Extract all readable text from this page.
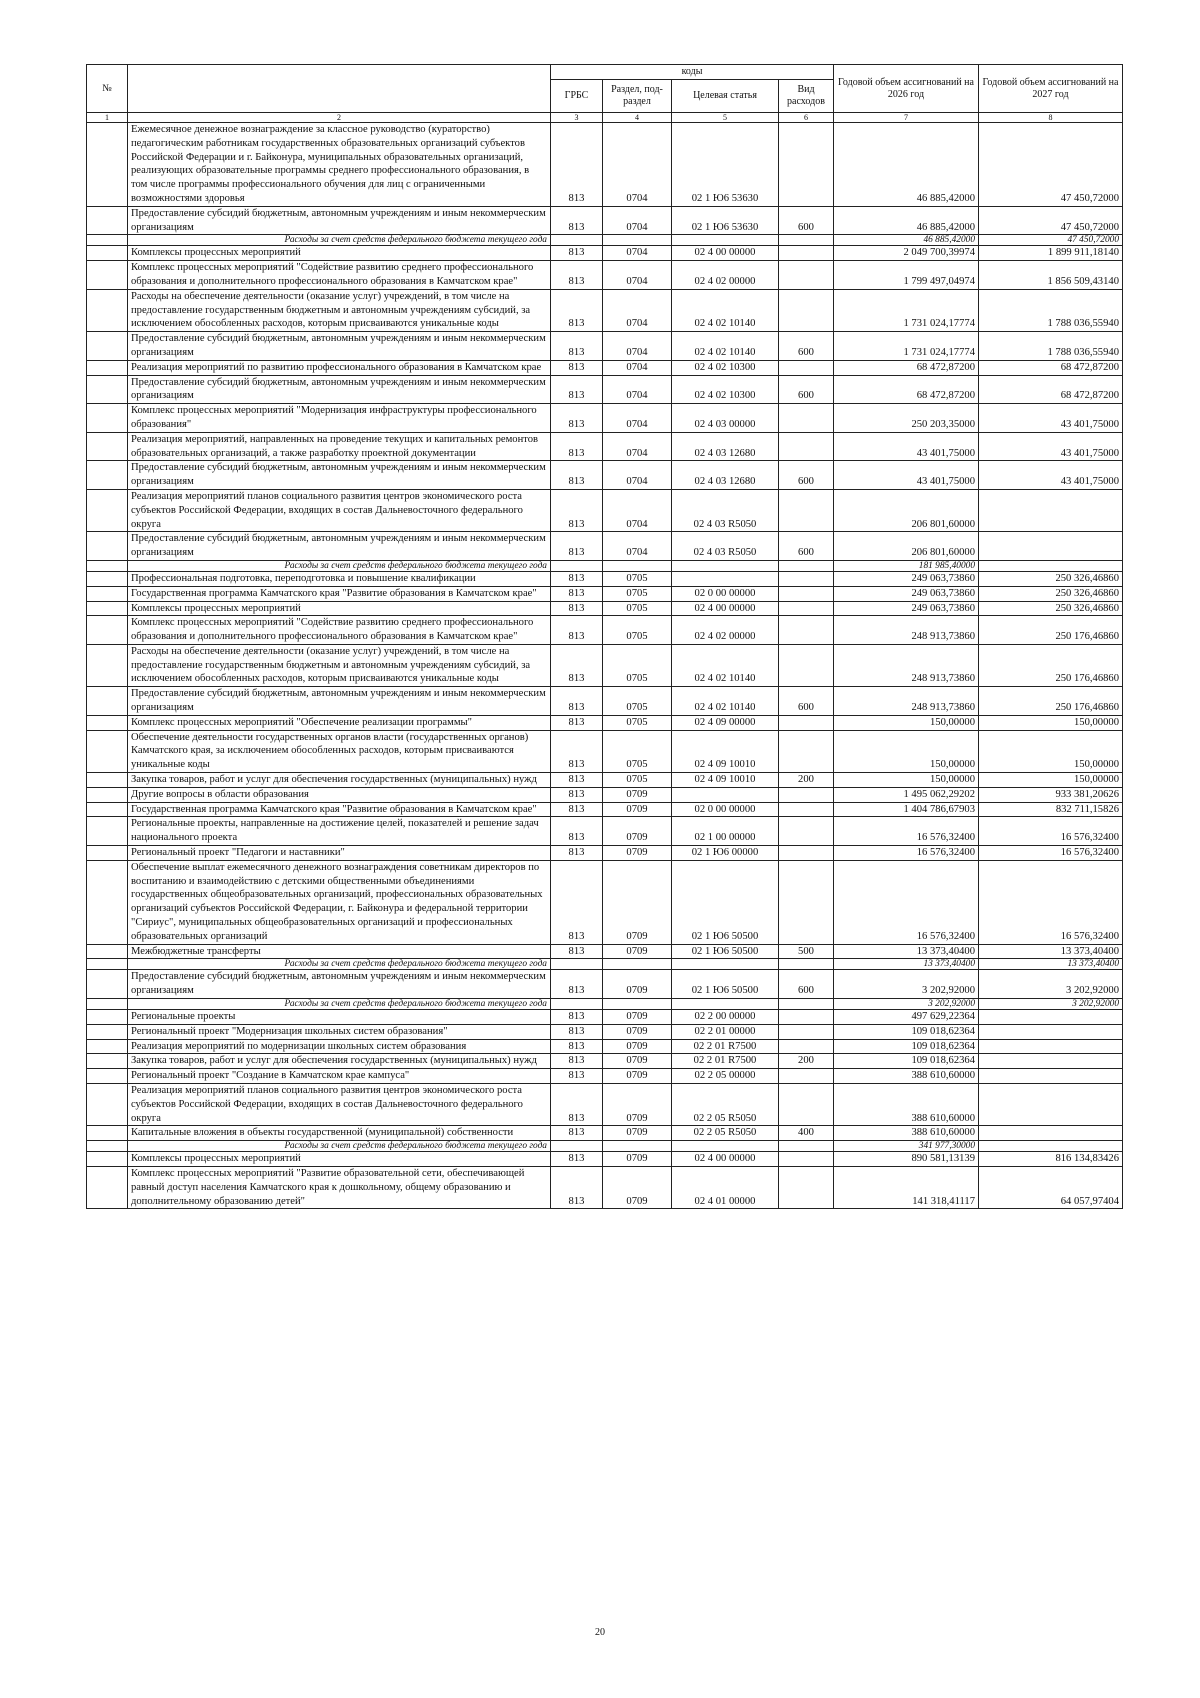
№		коды				Годовой объем ассигнований на 2026 год	Годовой объем ассигнований на 2027 год
		ГРБС	Раздел, под-раздел	Целевая статья	Вид расходов		
1	2	3	4	5	6	7	8
	Ежемесячное денежное вознаграждение за классное руководство (кураторство) педагогическим работникам государственных образовательных организаций субъектов Российской Федерации и г. Байконура, муниципальных образовательных организаций, реализующих образовательные программы среднего профессионального образования, в том числе программы профессионального обучения для лиц с ограниченными возможностями здоровья	813	0704	02 1 Ю6 53630		46 885,42000	47 450,72000
	Предоставление субсидий бюджетным, автономным учреждениям и иным некоммерческим организациям	813	0704	02 1 Ю6 53630	600	46 885,42000	47 450,72000
	Расходы за счет средств федерального бюджета текущего года					46 885,42000	47 450,72000
	Комплексы процессных мероприятий	813	0704	02 4 00 00000		2 049 700,39974	1 899 911,18140
	Комплекс процессных мероприятий "Содействие развитию среднего профессионального образования и дополнительного профессионального образования в Камчатском крае"	813	0704	02 4 02 00000		1 799 497,04974	1 856 509,43140
	Расходы на обеспечение деятельности (оказание услуг) учреждений, в том числе на предоставление государственным бюджетным и автономным учреждениям субсидий, за исключением обособленных расходов, которым присваиваются уникальные коды	813	0704	02 4 02 10140		1 731 024,17774	1 788 036,55940
	Предоставление субсидий бюджетным, автономным учреждениям и иным некоммерческим организациям	813	0704	02 4 02 10140	600	1 731 024,17774	1 788 036,55940
	Реализация мероприятий по развитию профессионального образования в Камчатском крае	813	0704	02 4 02 10300		68 472,87200	68 472,87200
	Предоставление субсидий бюджетным, автономным учреждениям и иным некоммерческим организациям	813	0704	02 4 02 10300	600	68 472,87200	68 472,87200
	Комплекс процессных мероприятий "Модернизация инфраструктуры профессионального образования"	813	0704	02 4 03 00000		250 203,35000	43 401,75000
	Реализация мероприятий, направленных на проведение текущих и капитальных ремонтов образовательных организаций, а также разработку проектной документации	813	0704	02 4 03 12680		43 401,75000	43 401,75000
	Предоставление субсидий бюджетным, автономным учреждениям и иным некоммерческим организациям	813	0704	02 4 03 12680	600	43 401,75000	43 401,75000
	Реализация мероприятий планов социального развития центров экономического роста субъектов Российской Федерации, входящих в состав Дальневосточного федерального округа	813	0704	02 4 03 R5050		206 801,60000	
	Предоставление субсидий бюджетным, автономным учреждениям и иным некоммерческим организациям	813	0704	02 4 03 R5050	600	206 801,60000	
	Расходы за счет средств федерального бюджета текущего года					181 985,40000	
	Профессиональная подготовка, переподготовка и повышение квалификации	813	0705			249 063,73860	250 326,46860
	Государственная программа Камчатского края "Развитие образования в Камчатском крае"	813	0705	02 0 00 00000		249 063,73860	250 326,46860
	Комплексы процессных мероприятий	813	0705	02 4 00 00000		249 063,73860	250 326,46860
	Комплекс процессных мероприятий "Содействие развитию среднего профессионального образования и дополнительного профессионального образования в Камчатском крае"	813	0705	02 4 02 00000		248 913,73860	250 176,46860
	Расходы на обеспечение деятельности (оказание услуг) учреждений, в том числе на предоставление государственным бюджетным и автономным учреждениям субсидий, за исключением обособленных расходов, которым присваиваются уникальные коды	813	0705	02 4 02 10140		248 913,73860	250 176,46860
	Предоставление субсидий бюджетным, автономным учреждениям и иным некоммерческим организациям	813	0705	02 4 02 10140	600	248 913,73860	250 176,46860
	Комплекс процессных мероприятий "Обеспечение реализации программы"	813	0705	02 4 09 00000		150,00000	150,00000
	Обеспечение деятельности государственных органов власти (государственных органов) Камчатского края, за исключением обособленных расходов, которым присваиваются уникальные коды	813	0705	02 4 09 10010		150,00000	150,00000
	Закупка товаров, работ и услуг для обеспечения государственных (муниципальных) нужд	813	0705	02 4 09 10010	200	150,00000	150,00000
	Другие вопросы в области образования	813	0709			1 495 062,29202	933 381,20626
	Государственная программа Камчатского края "Развитие образования в Камчатском крае"	813	0709	02 0 00 00000		1 404 786,67903	832 711,15826
	Региональные проекты, направленные на достижение целей, показателей и решение задач национального проекта	813	0709	02 1 00 00000		16 576,32400	16 576,32400
	Региональный проект "Педагоги и наставники"	813	0709	02 1 Ю6 00000		16 576,32400	16 576,32400
	Обеспечение выплат ежемесячного денежного вознаграждения советникам директоров по воспитанию и взаимодействию с детскими общественными объединениями государственных общеобразовательных организаций, профессиональных образовательных организаций субъектов Российской Федерации, г. Байконура и федеральной территории "Сириус", муниципальных общеобразовательных организаций и профессиональных образовательных организаций	813	0709	02 1 Ю6 50500		16 576,32400	16 576,32400
	Межбюджетные трансферты	813	0709	02 1 Ю6 50500	500	13 373,40400	13 373,40400
	Расходы за счет средств федерального бюджета текущего года					13 373,40400	13 373,40400
	Предоставление субсидий бюджетным, автономным учреждениям и иным некоммерческим организациям	813	0709	02 1 Ю6 50500	600	3 202,92000	3 202,92000
	Расходы за счет средств федерального бюджета текущего года					3 202,92000	3 202,92000
	Региональные проекты	813	0709	02 2 00 00000		497 629,22364	
	Региональный проект "Модернизация школьных систем образования"	813	0709	02 2 01 00000		109 018,62364	
	Реализация мероприятий по модернизации школьных систем образования	813	0709	02 2 01 R7500		109 018,62364	
	Закупка товаров, работ и услуг для обеспечения государственных (муниципальных) нужд	813	0709	02 2 01 R7500	200	109 018,62364	
	Региональный проект "Создание в Камчатском крае кампуса"	813	0709	02 2 05 00000		388 610,60000	
	Реализация мероприятий планов социального развития центров экономического роста субъектов Российской Федерации, входящих в состав Дальневосточного федерального округа	813	0709	02 2 05 R5050		388 610,60000	
	Капитальные вложения в объекты государственной (муниципальной) собственности	813	0709	02 2 05 R5050	400	388 610,60000	
	Расходы за счет средств федерального бюджета текущего года					341 977,30000	
	Комплексы процессных мероприятий	813	0709	02 4 00 00000		890 581,13139	816 134,83426
	Комплекс процессных мероприятий "Развитие образовательной сети, обеспечивающей равный доступ населения Камчатского края к дошкольному, общему образованию и дополнительному образованию детей"	813	0709	02 4 01 00000		141 318,41117	64 057,97404
20
